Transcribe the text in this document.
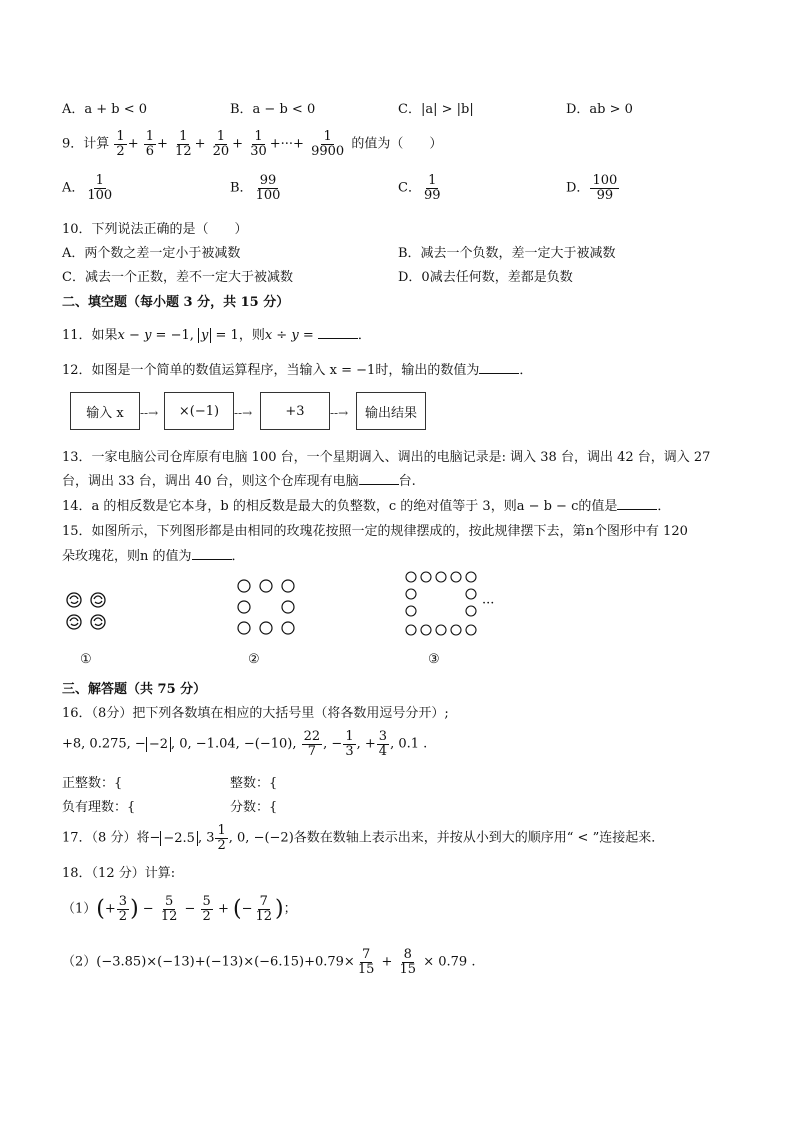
A．a + b < 0	B．a − b < 0	C．|a| > |b|	D．ab > 0
9．计算 $\frac{1}{2} + \frac{1}{6} + \frac{1}{12} + \frac{1}{20} + \frac{1}{30}$ +···+ $\frac{1}{9900}$ 的值为（　　）
A． $\frac{1}{100}$	B． $\frac{99}{100}$	C． $\frac{1}{99}$	D． $\frac{100}{99}$
10．下列说法正确的是（　　）
A．两个数之差一定小于被减数	B．减去一个负数，差一定大于被减数
C．减去一个正数，差不一定大于被减数	D．0减去任何数，差都是负数
二、填空题（每小题 3 分，共 15 分）
11．如果x − y = −1, y = 1，则x ÷ y =	．
12．如图是一个简单的数值运算程序，当输入 x = −1时，输出的数值为	．
输入 x --→ ×(−1) --→	+3 --→ 输出结果
13．一家电脑公司仓库原有电脑 100 台，一个星期调入、调出的电脑记录是: 调入 38 台，调出 42 台，调入 27
台，调出 33 台，调出 40 台，则这个仓库现有电脑	台.
14．a 的相反数是它本身，b 的相反数是最大的负整数，c 的绝对值等于 3，则a − b − c的值是	．
15．如图所示，下列图形都是由相同的玫瑰花按照一定的规律摆成的，按此规律摆下去，第n个图形中有 120
朵玫瑰花，则n 的值为	．
···
①	②	③
三、解答题（共 75 分）
16．（8分）把下列各数填在相应的大括号里（将各数用逗号分开）;
+8, 0.275, − −2 , 0, −1.04, −(−10), $\frac{22}{7}$ , − $\frac{1}{3}$ , + $\frac{3}{4}$ , 0.1 .
正整数：{	整数：{
负有理数：{	分数：{
17．（8 分）将− −2.5 , $3 \frac{1}{2}$ , 0, −(−2)各数在数轴上表示出来，并按从小到大的顺序用“ < ”连接起来．
18．（12 分）计算:
$(1)(+ \frac{3}{2}$ ) − $\frac{5}{12} - \frac{5}{2}$ + (− $\frac{7}{12}$ )；
$(2)(-3.85)\times(-13)+(-13)\times(-6.15)+0.79\times \frac{7}{15} + \frac{8}{15} \times 0.79$ .
